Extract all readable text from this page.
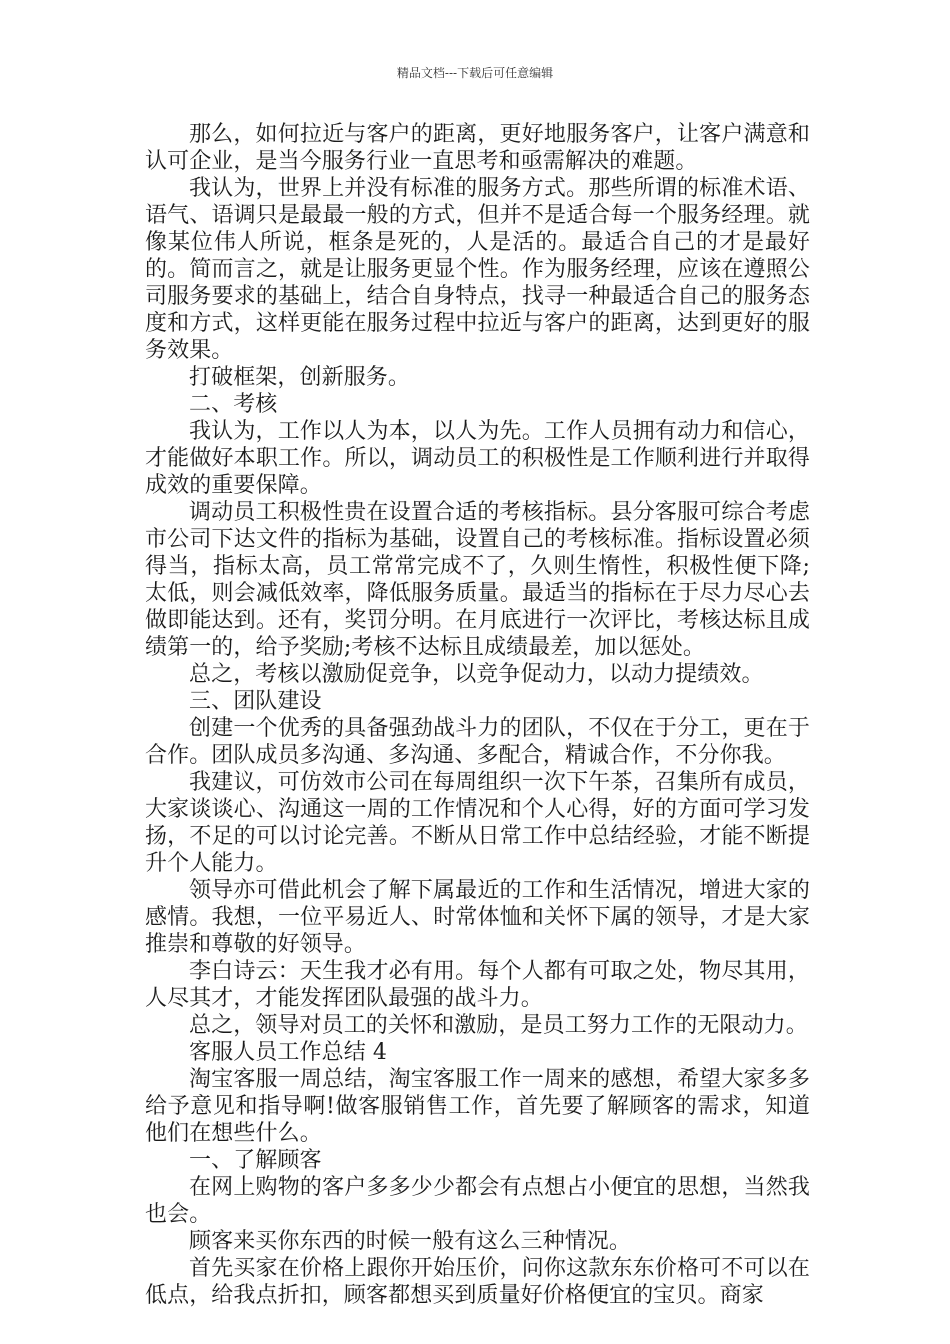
精品文档---下载后可任意编辑

那么，如何拉近与客户的距离，更好地服务客户，让客户满意和认可企业，是当今服务行业一直思考和亟需解决的难题。

我认为，世界上并没有标准的服务方式。那些所谓的标准术语、语气、语调只是最最一般的方式，但并不是适合每一个服务经理。就像某位伟人所说，框条是死的，人是活的。最适合自己的才是最好的。简而言之，就是让服务更显个性。作为服务经理，应该在遵照公司服务要求的基础上，结合自身特点，找寻一种最适合自己的服务态度和方式，这样更能在服务过程中拉近与客户的距离，达到更好的服务效果。

打破框架，创新服务。

二、考核

我认为，工作以人为本，以人为先。工作人员拥有动力和信心，才能做好本职工作。所以，调动员工的积极性是工作顺利进行并取得成效的重要保障。

调动员工积极性贵在设置合适的考核指标。县分客服可综合考虑市公司下达文件的指标为基础，设置自己的考核标准。指标设置必须得当，指标太高，员工常常完成不了，久则生惰性，积极性便下降;太低，则会减低效率，降低服务质量。最适当的指标在于尽力尽心去做即能达到。还有，奖罚分明。在月底进行一次评比，考核达标且成绩第一的，给予奖励;考核不达标且成绩最差，加以惩处。

总之，考核以激励促竞争，以竞争促动力，以动力提绩效。

三、团队建设

创建一个优秀的具备强劲战斗力的团队，不仅在于分工，更在于合作。团队成员多沟通、多沟通、多配合，精诚合作，不分你我。

我建议，可仿效市公司在每周组织一次下午茶，召集所有成员，大家谈谈心、沟通这一周的工作情况和个人心得，好的方面可学习发扬，不足的可以讨论完善。不断从日常工作中总结经验，才能不断提升个人能力。

领导亦可借此机会了解下属最近的工作和生活情况，增进大家的感情。我想，一位平易近人、时常体恤和关怀下属的领导，才是大家推崇和尊敬的好领导。

李白诗云：天生我才必有用。每个人都有可取之处，物尽其用，人尽其才，才能发挥团队最强的战斗力。

总之，领导对员工的关怀和激励，是员工努力工作的无限动力。

客服人员工作总结 4

淘宝客服一周总结，淘宝客服工作一周来的感想，希望大家多多给予意见和指导啊!做客服销售工作，首先要了解顾客的需求，知道他们在想些什么。

一、了解顾客

在网上购物的客户多多少少都会有点想占小便宜的思想，当然我也会。

顾客来买你东西的时候一般有这么三种情况。

首先买家在价格上跟你开始压价，问你这款东东价格可不可以在低点，给我点折扣，顾客都想买到质量好价格便宜的宝贝。商家
